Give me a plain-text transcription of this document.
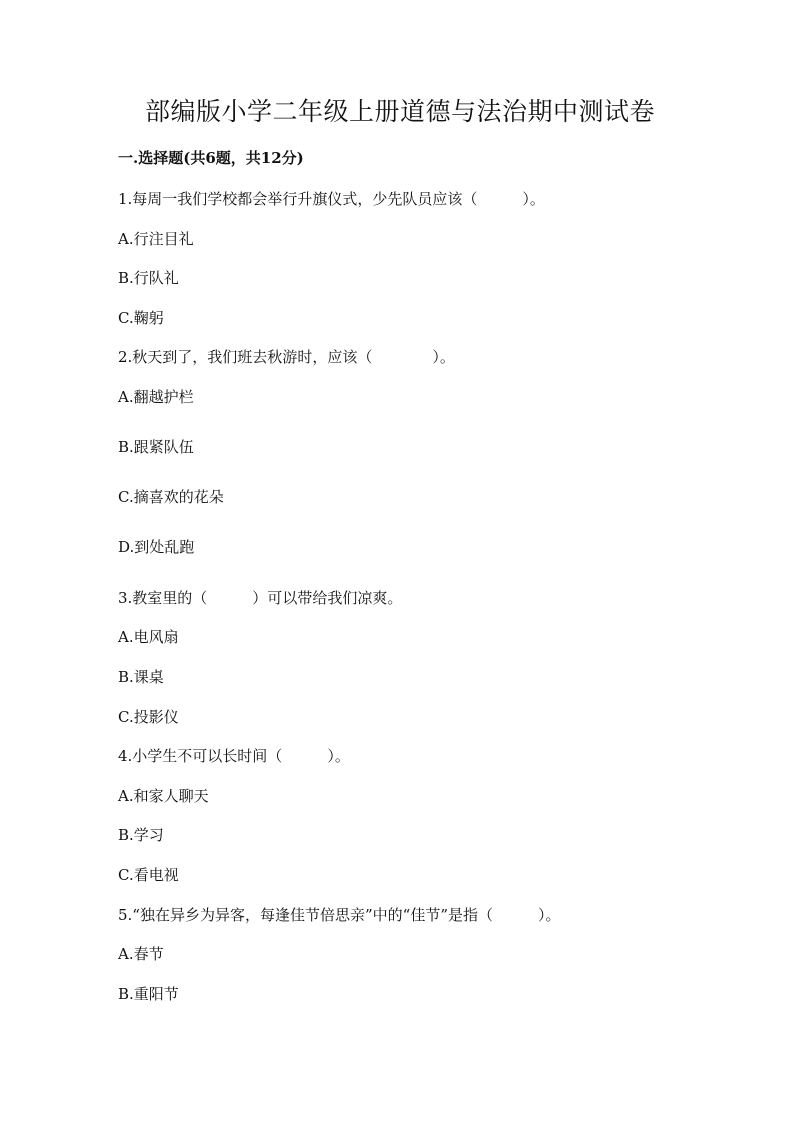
部编版小学二年级上册道德与法治期中测试卷
一.选择题(共6题，共12分)
1.每周一我们学校都会举行升旗仪式，少先队员应该（　　　）。
A.行注目礼
B.行队礼
C.鞠躬
2.秋天到了，我们班去秋游时，应该（　　　　）。
A.翻越护栏
B.跟紧队伍
C.摘喜欢的花朵
D.到处乱跑
3.教室里的（　　　）可以带给我们凉爽。
A.电风扇
B.课桌
C.投影仪
4.小学生不可以长时间（　　　）。
A.和家人聊天
B.学习
C.看电视
5.“独在异乡为异客，每逢佳节倍思亲”中的“佳节”是指（　　　）。
A.春节
B.重阳节
